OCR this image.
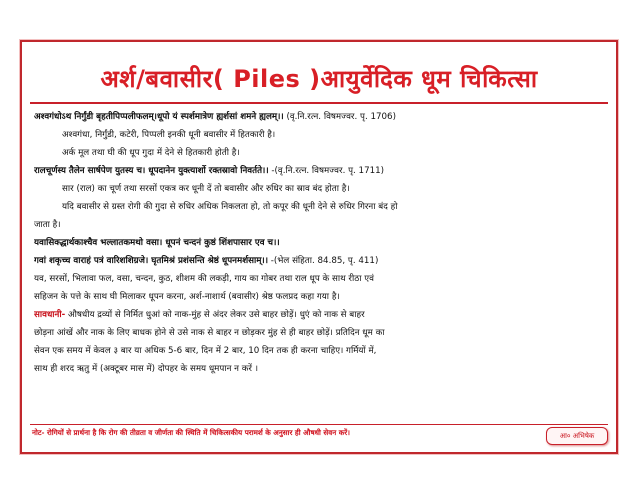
अर्श/बवासीर( Piles )आयुर्वेदिक धूम चिकित्सा
अश्वगंधोऽथ निर्गुंडी बृहतीपिप्पलीफलम्।धूपो यं स्पर्शमात्रेण ह्यर्शसां शमने ह्यलम्।। (वृ.नि.रत्न. विषमज्वर. पृ. 1706)
अश्वगंधा, निर्गुंडी, कटेरी, पिप्पली इनकी धूनी बवासीर में हितकारी है।
अर्क मूल तथा घी की धूप गुदा में देने से हितकारी होती है।
रालचूर्णस्य तैलेन सार्षपेण युतस्य च। धूपदानेन युक्त्यार्शो रक्तस्रावो निवर्तते।। -(वृ.नि.रत्न. विषमज्वर. पृ. 1711)
सार (राल) का चूर्ण तथा सरसों एकत्र कर धूनी दें तो बवासीर और रुधिर का स्राव बंद होता है।
यदि बवासीर से ग्रस्त रोगी की गुदा से रुधिर अधिक निकलता हो, तो कपूर की धूनी देने से रुधिर गिरना बंद हो
जाता है।
यवासिक्द्धार्थकाश्चैव भल्लातकमथो वसा। धूपनं चन्दनं कुष्ठं शिंशपासार एव च।।
गवां शकृच्च वाराहं पत्रं वारिशशिग्रजे। घृतमिश्रं प्रशंसन्ति श्रेष्ठं धूपनमर्शसाम्।। -(भेल संहिता. 84.85, पृ. 411)
यव, सरसों, भिलावा फल, वसा, चन्दन, कुठ, शीशम की लकड़ी, गाय का गोबर तथा राल धूप के साथ रीठा एवं
सहिजन के पत्ते के साथ घी मिलाकर धूपन करना, अर्श-नाशार्थ (बवासीर) श्रेष्ठ फलप्रद कहा गया है।
सावधानी- औषधीय द्रव्यों से निर्मित धुआं को नाक-मुंह से अंदर लेकर उसे बाहर छोड़ें। धुएं को नाक से बाहर
छोड़ना आंखें और नाक के लिए बाधक होने से उसे नाक से बाहर न छोड़कर मुंह से ही बाहर छोड़ें। प्रतिदिन धूम का
सेवन एक समय में केवल ३ बार या अधिक 5-6 बार, दिन में 2 बार, 10 दिन तक ही करना चाहिए। गर्मियों में,
साथ ही शरद ऋतु में (अक्टूबर मास में) दोपहर के समय धूमपान न करें ।
नोट- रोगियों से प्रार्थना है कि रोग की तीव्रता व जीर्णता की स्थिति में चिकित्सकीय परामर्श के अनुसार ही औषधी सेवन करें।	आ० अभिषेक
